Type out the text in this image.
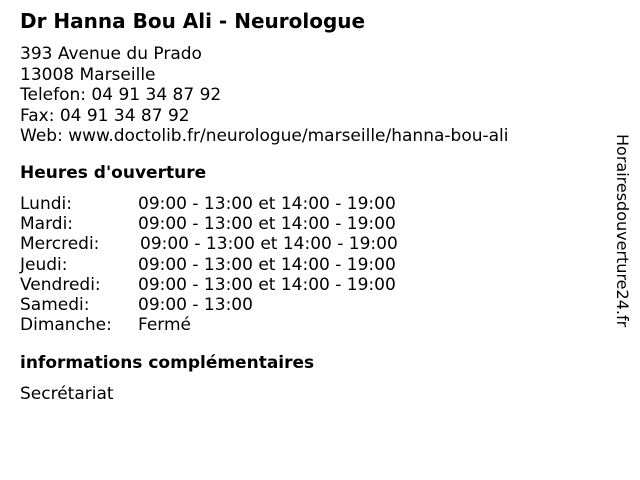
Dr Hanna Bou Ali - Neurologue
393 Avenue du Prado
13008 Marseille
Telefon: 04 91 34 87 92
Fax: 04 91 34 87 92
Web: www.doctolib.fr/neurologue/marseille/hanna-bou-ali
Heures d'ouverture
Lundi:	09:00 - 13:00 et 14:00 - 19:00
Mardi:	09:00 - 13:00 et 14:00 - 19:00
Mercredi: 09:00 - 13:00 et 14:00 - 19:00
Jeudi:	09:00 - 13:00 et 14:00 - 19:00
Vendredi: 09:00 - 13:00 et 14:00 - 19:00
Samedi:	09:00 - 13:00
Dimanche: Fermé
informations complémentaires
Secrétariat
Horairesdouverture24.fr
